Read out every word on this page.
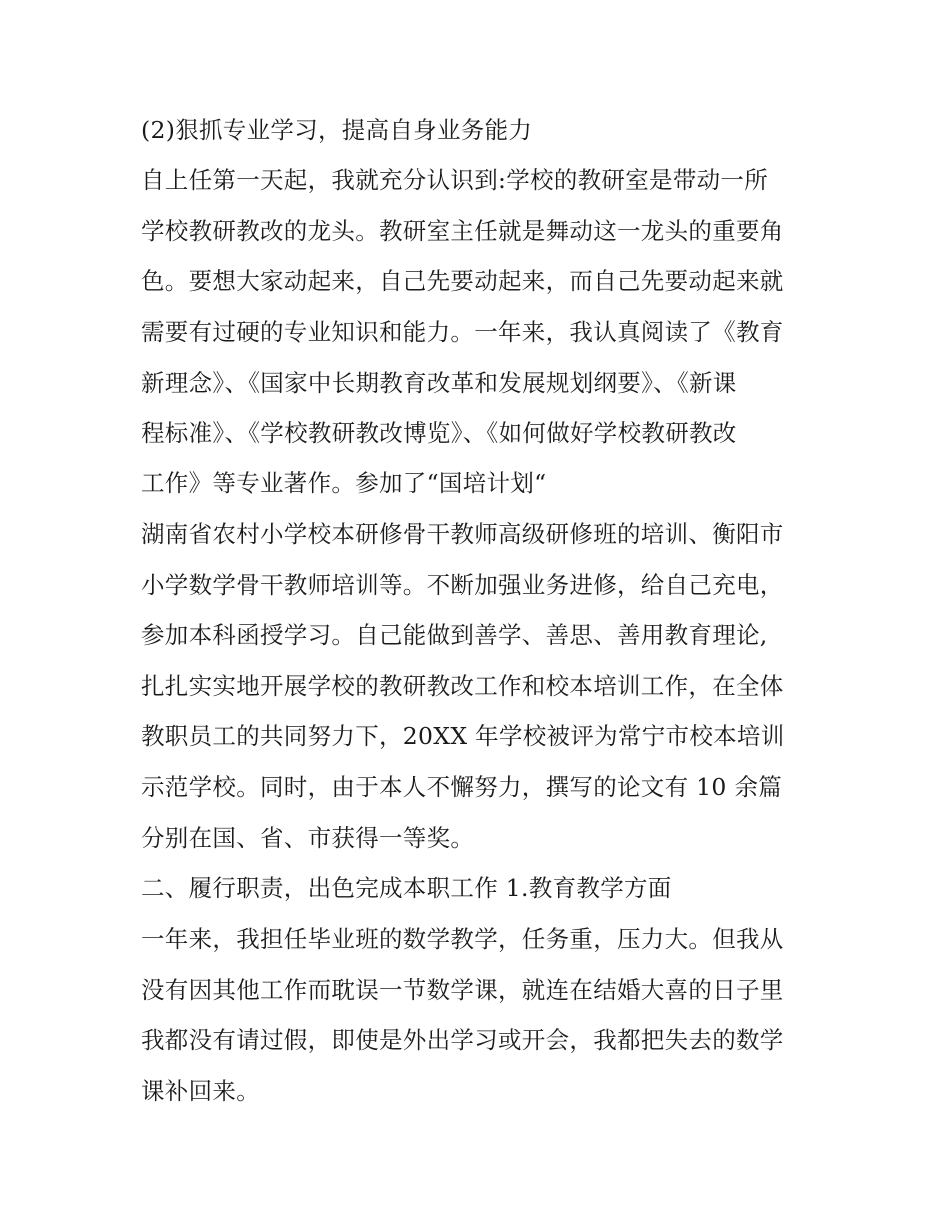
(2)狠抓专业学习，提高自身业务能力
自上任第一天起，我就充分认识到:学校的教研室是带动一所
学校教研教改的龙头。教研室主任就是舞动这一龙头的重要角
色。要想大家动起来，自己先要动起来，而自己先要动起来就
需要有过硬的专业知识和能力。一年来，我认真阅读了《教育
新理念》、《国家中长期教育改革和发展规划纲要》、《新课
程标准》、《学校教研教改博览》、《如何做好学校教研教改
工作》等专业著作。参加了“国培计划“
湖南省农村小学校本研修骨干教师高级研修班的培训、衡阳市
小学数学骨干教师培训等。不断加强业务进修，给自己充电，
参加本科函授学习。自己能做到善学、善思、善用教育理论,
扎扎实实地开展学校的教研教改工作和校本培训工作，在全体
教职员工的共同努力下，20XX 年学校被评为常宁市校本培训
示范学校。同时，由于本人不懈努力，撰写的论文有 10 余篇
分别在国、省、市获得一等奖。
二、履行职责，出色完成本职工作 1.教育教学方面
一年来，我担任毕业班的数学教学，任务重，压力大。但我从
没有因其他工作而耽误一节数学课，就连在结婚大喜的日子里
我都没有请过假，即使是外出学习或开会，我都把失去的数学
课补回来。
